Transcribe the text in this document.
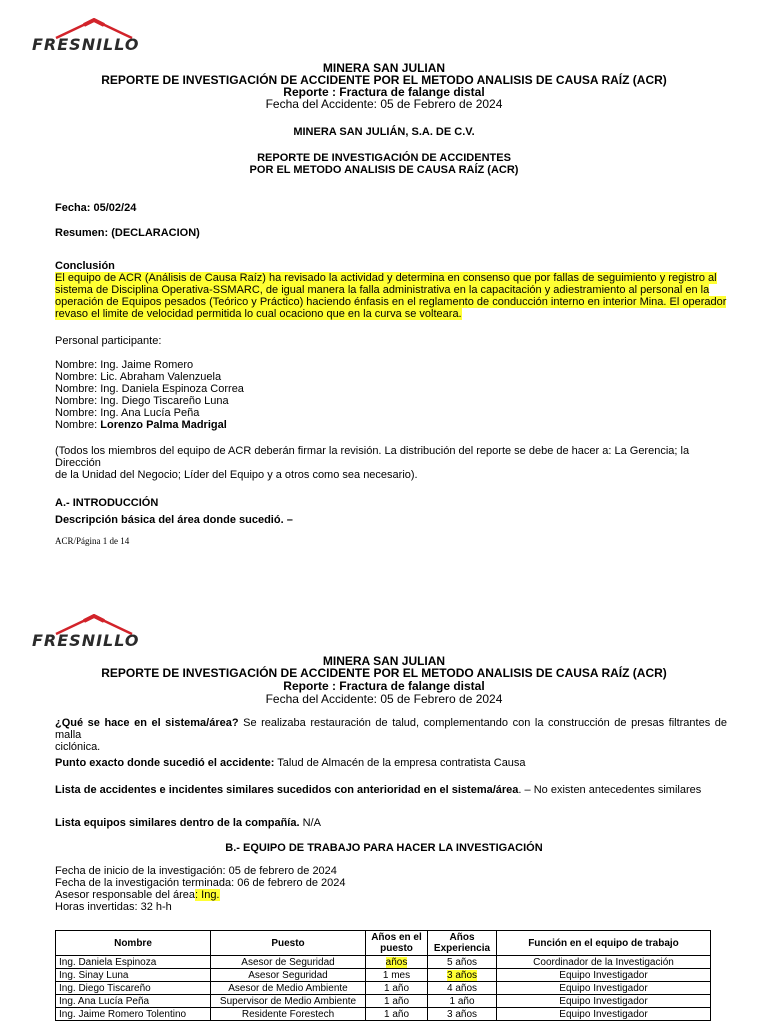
FRESNILLO
MINERA SAN JULIAN
REPORTE DE INVESTIGACIÓN DE ACCIDENTE POR EL METODO ANALISIS DE CAUSA RAÍZ (ACR)
Reporte : Fractura de falange distal
Fecha del Accidente: 05 de Febrero de 2024
MINERA SAN JULIÁN, S.A. DE C.V.
REPORTE DE INVESTIGACIÓN DE ACCIDENTES
POR EL METODO ANALISIS DE CAUSA RAÍZ (ACR)
Fecha: 05/02/24
Resumen: (DECLARACION)
Conclusión
El equipo de ACR (Análisis de Causa Raíz) ha revisado la actividad y determina en consenso que por fallas de seguimiento y registro al
sistema de Disciplina Operativa-SSMARC, de igual manera la falla administrativa en la capacitación y adiestramiento al personal en la
operación de Equipos pesados (Teórico y Práctico) haciendo énfasis en el reglamento de conducción interno en interior Mina. El operador
revaso el limite de velocidad permitida lo cual ocaciono que en la curva se volteara.
Personal participante:
Nombre: Ing. Jaime Romero
Nombre: Lic. Abraham Valenzuela
Nombre: Ing. Daniela Espinoza Correa
Nombre: Ing. Diego Tiscareño Luna
Nombre: Ing. Ana Lucía Peña
Nombre: Lorenzo Palma Madrigal
(Todos los miembros del equipo de ACR deberán firmar la revisión. La distribución del reporte se debe de hacer a: La Gerencia; la Dirección
de la Unidad del Negocio; Líder del Equipo y a otros como sea necesario).
A.- INTRODUCCIÓN
Descripción básica del área donde sucedió. –
ACR/Página 1 de 14
FRESNILLO
MINERA SAN JULIAN
REPORTE DE INVESTIGACIÓN DE ACCIDENTE POR EL METODO ANALISIS DE CAUSA RAÍZ (ACR)
Reporte : Fractura de falange distal
Fecha del Accidente: 05 de Febrero de 2024
¿Qué se hace en el sistema/área? Se realizaba restauración de talud, complementando con la construcción de presas filtrantes de malla
ciclónica.
Punto exacto donde sucedió el accidente: Talud de Almacén de la empresa contratista Causa
Lista de accidentes e incidentes similares sucedidos con anterioridad en el sistema/área. – No existen antecedentes similares
Lista equipos similares dentro de la compañía. N/A
B.- EQUIPO DE TRABAJO PARA HACER LA INVESTIGACIÓN
Fecha de inicio de la investigación: 05 de febrero de 2024
Fecha de la investigación terminada: 06 de febrero de 2024
Asesor responsable del área: Ing.
Horas invertidas: 32 h-h
Nombre	Puesto	Años en el puesto	Años Experiencia	Función en el equipo de trabajo
Ing. Daniela Espinoza	Asesor de Seguridad	años	5 años	Coordinador de la Investigación
Ing. Sinay Luna	Asesor Seguridad	1 mes	3 años	Equipo Investigador
Ing. Diego Tiscareño	Asesor de Medio Ambiente	1 año	4 años	Equipo Investigador
Ing. Ana Lucía Peña	Supervisor de Medio Ambiente	1 año	1 año	Equipo Investigador
Ing. Jaime Romero Tolentino	Residente Forestech	1 año	3 años	Equipo Investigador
